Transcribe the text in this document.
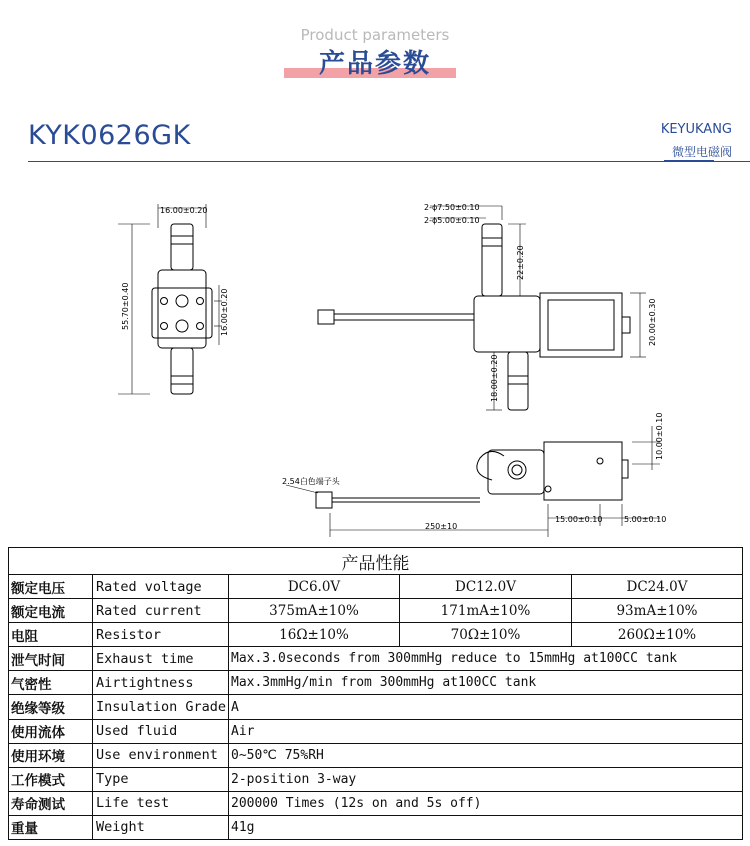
Product parameters
产品参数
KYK0626GK	KEYUKANG
微型电磁阀
16.00±0.20
55.70±0.40	16.00±0.20
2-ϕ7.50±0.10
2-ϕ5.00±0.10
22±0.20
18.00±0.20
20.00±0.30
10.00±0.10
2.54白色端子头
250±10
15.00±0.10	5.00±0.10
产品性能				
额定电压	Rated voltage	DC6.0V	DC12.0V	DC24.0V
额定电流	Rated current	375mA±10%	171mA±10%	93mA±10%
电阻	Resistor	16Ω±10%	70Ω±10%	260Ω±10%
泄气时间	Exhaust time	Max.3.0seconds from 300mmHg reduce to 15mmHg at100CC tank		
气密性	Airtightness	Max.3mmHg/min from 300mmHg at100CC tank		
绝缘等级	Insulation Grade	A		
使用流体	Used fluid	Air		
使用环境	Use environment	0~50℃ 75%RH		
工作模式	Type	2-position 3-way		
寿命测试	Life test	200000 Times (12s on and 5s off)		
重量	Weight	41g		
